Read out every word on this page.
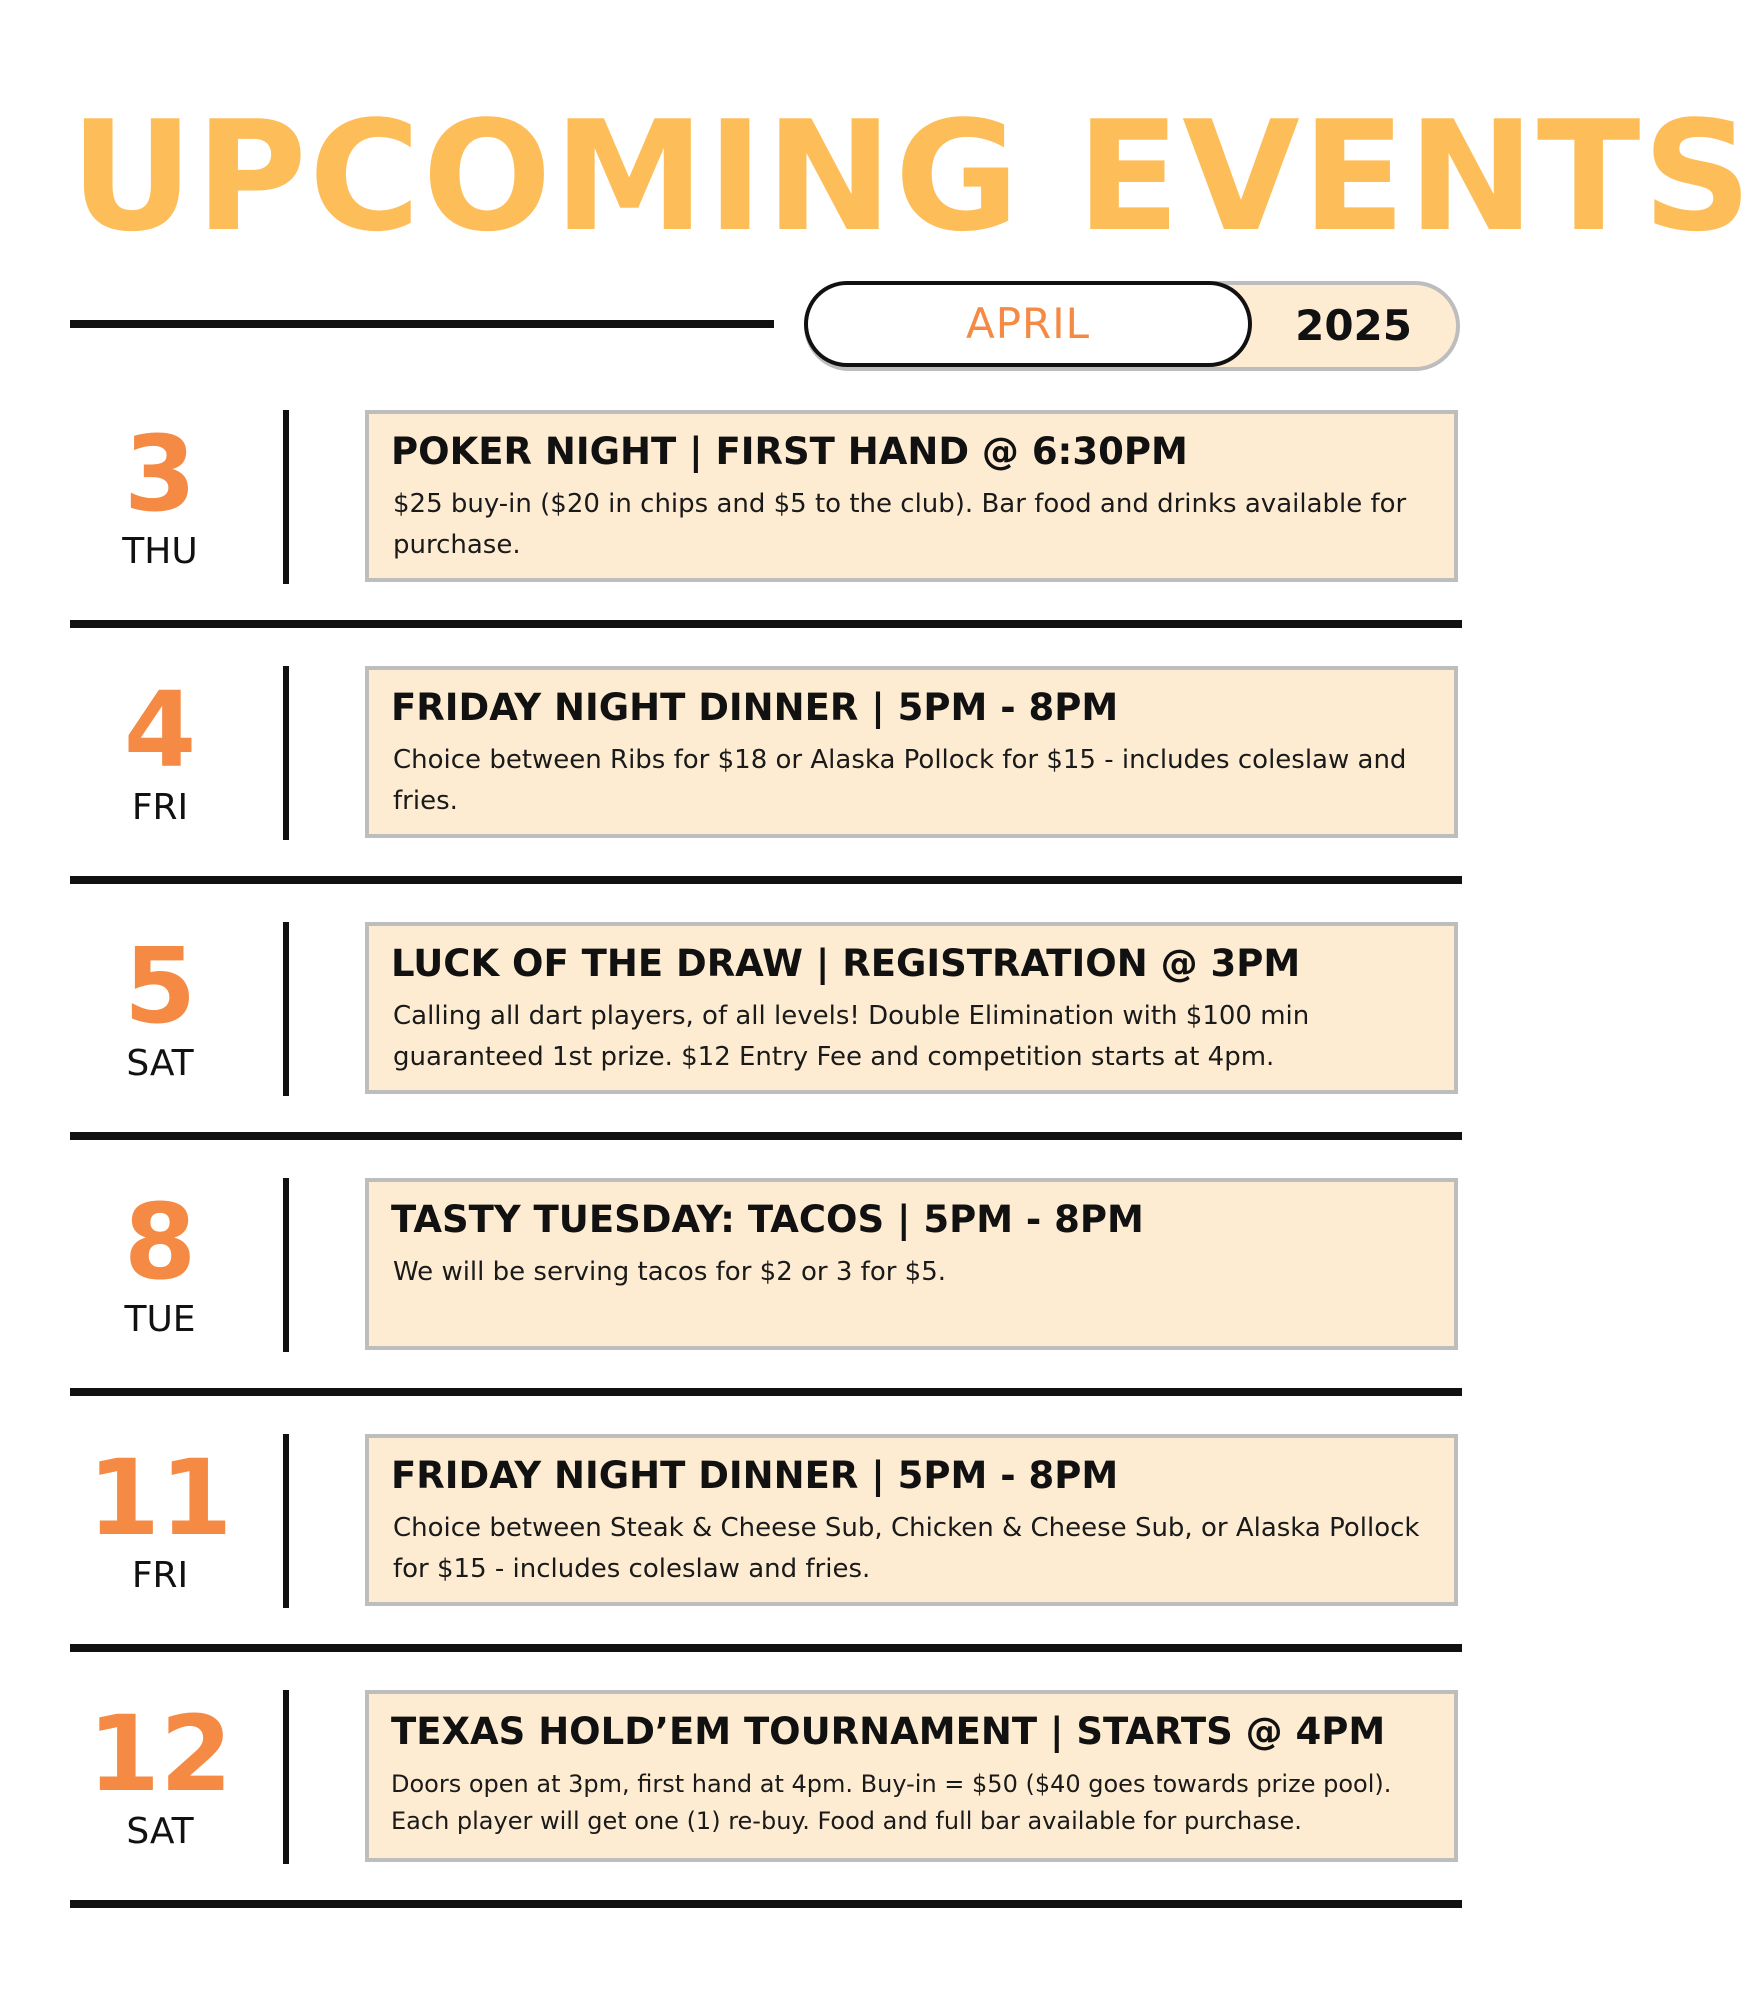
UPCOMING EVENTS
2025
APRIL
3
THU
POKER NIGHT | FIRST HAND @ 6:30PM
$25 buy-in ($20 in chips and $5 to the club). Bar food and drinks available for purchase.
4
FRI
FRIDAY NIGHT DINNER | 5PM - 8PM
Choice between Ribs for $18 or Alaska Pollock for $15 - includes coleslaw and fries.
5
SAT
LUCK OF THE DRAW | REGISTRATION @ 3PM
Calling all dart players, of all levels! Double Elimination with $100 min guaranteed 1st prize. $12 Entry Fee and competition starts at 4pm.
8
TUE
TASTY TUESDAY: TACOS | 5PM - 8PM
We will be serving tacos for $2 or 3 for $5.
11
FRI
FRIDAY NIGHT DINNER | 5PM - 8PM
Choice between Steak & Cheese Sub, Chicken & Cheese Sub, or Alaska Pollock for $15 - includes coleslaw and fries.
12
SAT
TEXAS HOLD’EM TOURNAMENT | STARTS @ 4PM
Doors open at 3pm, first hand at 4pm. Buy-in = $50 ($40 goes towards prize pool). Each player will get one (1) re-buy. Food and full bar available for purchase.
